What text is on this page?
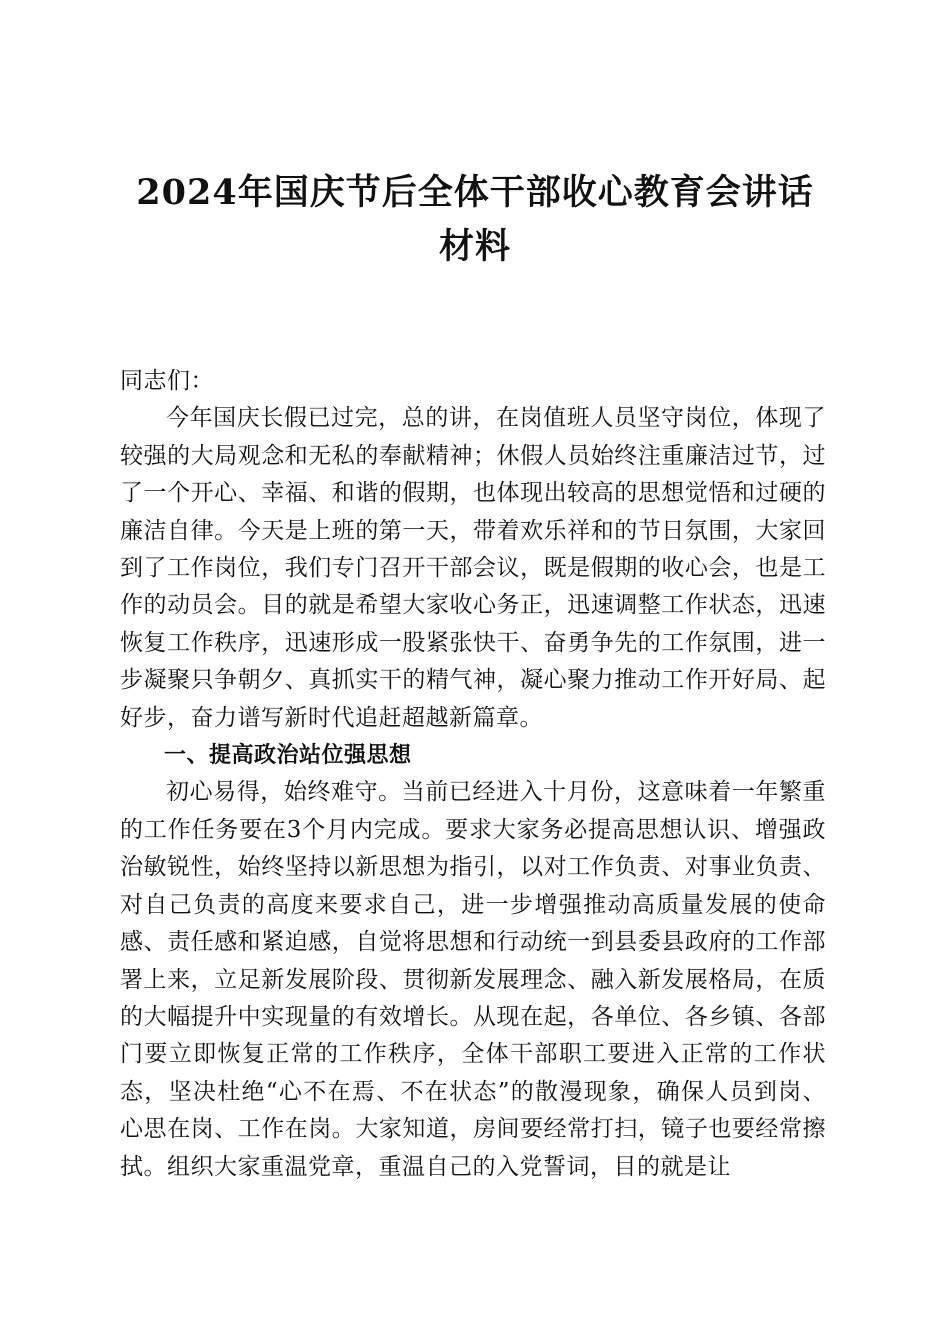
2024年国庆节后全体干部收心教育会讲话材料

同志们：

今年国庆长假已过完，总的讲，在岗值班人员坚守岗位，体现了较强的大局观念和无私的奉献精神；休假人员始终注重廉洁过节，过了一个开心、幸福、和谐的假期，也体现出较高的思想觉悟和过硬的廉洁自律。今天是上班的第一天，带着欢乐祥和的节日氛围，大家回到了工作岗位，我们专门召开干部会议，既是假期的收心会，也是工作的动员会。目的就是希望大家收心务正，迅速调整工作状态，迅速恢复工作秩序，迅速形成一股紧张快干、奋勇争先的工作氛围，进一步凝聚只争朝夕、真抓实干的精气神，凝心聚力推动工作开好局、起好步，奋力谱写新时代追赶超越新篇章。

一、提高政治站位强思想

初心易得，始终难守。当前已经进入十月份，这意味着一年繁重的工作任务要在3个月内完成。要求大家务必提高思想认识、增强政治敏锐性，始终坚持以新思想为指引，以对工作负责、对事业负责、对自己负责的高度来要求自己，进一步增强推动高质量发展的使命感、责任感和紧迫感，自觉将思想和行动统一到县委县政府的工作部署上来，立足新发展阶段、贯彻新发展理念、融入新发展格局，在质的大幅提升中实现量的有效增长。从现在起，各单位、各乡镇、各部门要立即恢复正常的工作秩序，全体干部职工要进入正常的工作状态，坚决杜绝“心不在焉、不在状态”的散漫现象，确保人员到岗、心思在岗、工作在岗。大家知道，房间要经常打扫，镜子也要经常擦拭。组织大家重温党章，重温自己的入党誓词，目的就是让
